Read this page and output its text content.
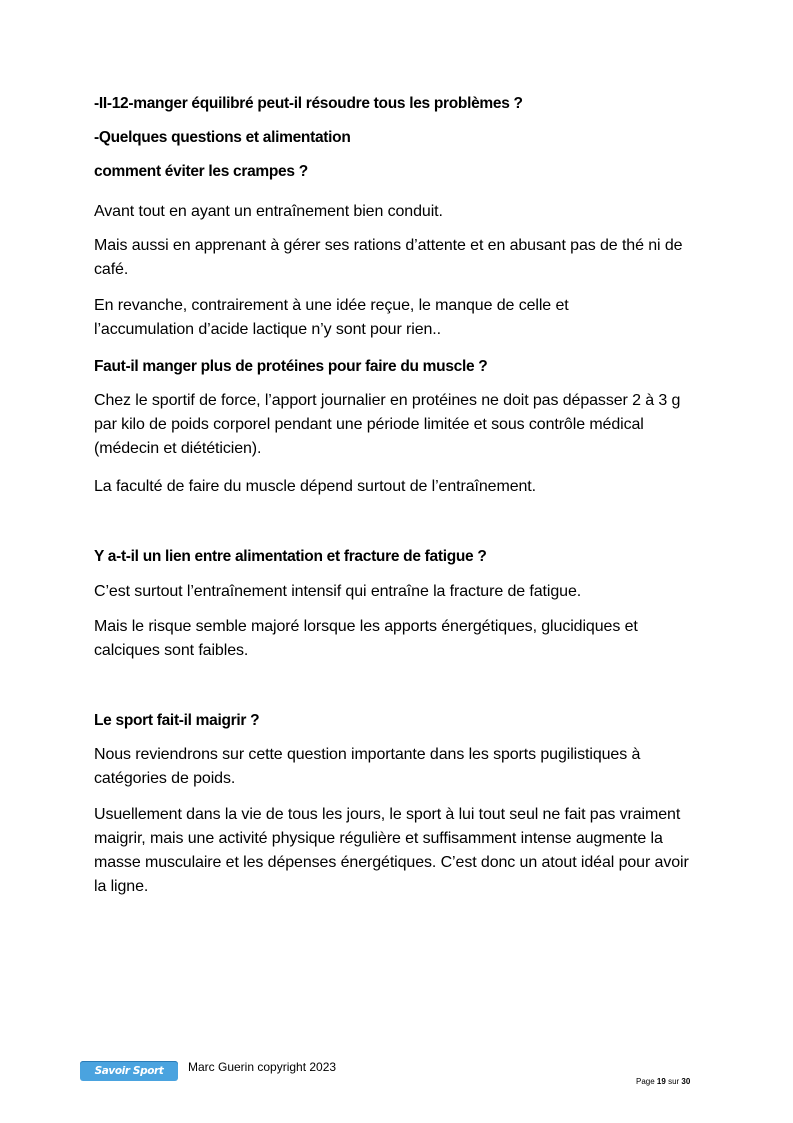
-II-12-manger équilibré peut-il résoudre tous les problèmes ?

-Quelques questions et alimentation

comment éviter les crampes ?

Avant tout en ayant un entraînement bien conduit.

Mais aussi en apprenant à gérer ses rations d’attente et en abusant pas de thé ni de café.

En revanche, contrairement à une idée reçue, le manque de celle et l’accumulation d’acide lactique n’y sont pour rien..

Faut-il manger plus de protéines pour faire du muscle ?

Chez le sportif de force, l’apport journalier en protéines ne doit pas dépasser 2 à 3 g par kilo de poids corporel pendant une période limitée et sous contrôle médical (médecin et diététicien).

La faculté de faire du muscle dépend surtout de l’entraînement.

Y a-t-il un lien entre alimentation et fracture de fatigue ?

C’est surtout l’entraînement intensif qui entraîne la fracture de fatigue.

Mais le risque semble majoré lorsque les apports énergétiques, glucidiques et calciques sont faibles.

Le sport fait-il maigrir ?

Nous reviendrons sur cette question importante dans les sports pugilistiques à catégories de poids.

Usuellement dans la vie de tous les jours, le sport à lui tout seul ne fait pas vraiment maigrir, mais une activité physique régulière et suffisamment intense augmente la masse musculaire et les dépenses énergétiques. C’est donc un atout idéal pour avoir la ligne.

Savoir Sport Santé
Marc Guerin copyright 2023
Page 19 sur 30
